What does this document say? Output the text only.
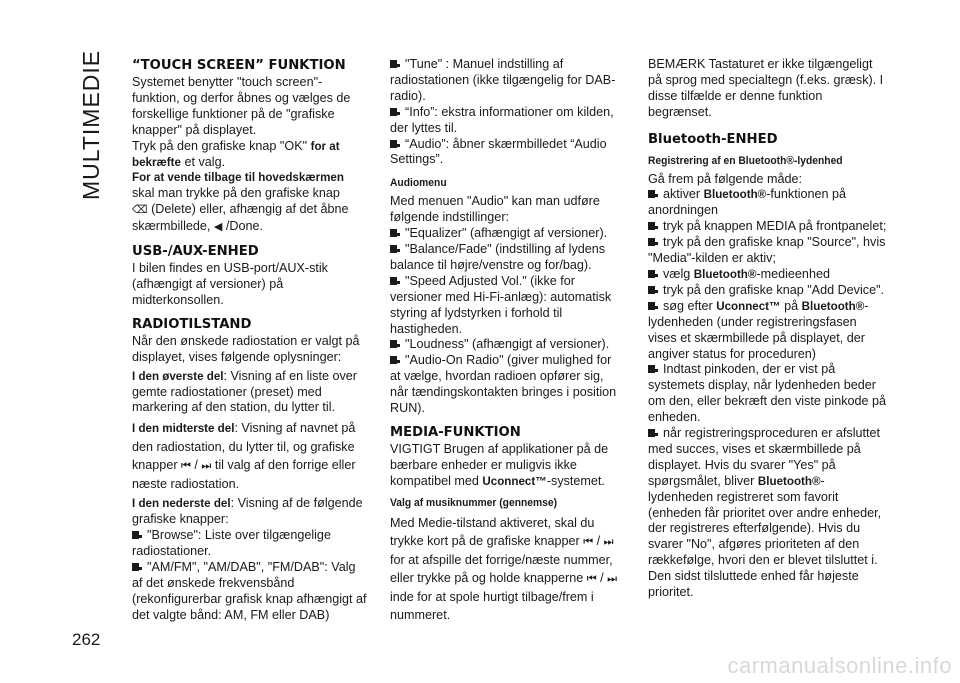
MULTIMEDIE
262
“TOUCH SCREEN” FUNKTION

Systemet benytter "touch screen"-funktion, og derfor åbnes og vælges de forskellige funktioner på de "grafiske knapper" på displayet.

Tryk på den grafiske knap "OK" for at bekræfte et valg.

For at vende tilbage til hovedskærmen

skal man trykke på den grafiske knap
⌫ (Delete) eller, afhængig af det åbne skærmbillede, ◀ /Done.

USB-/AUX-ENHED

I bilen findes en USB-port/AUX-stik (afhængigt af versioner) på midterkonsollen.

RADIOTILSTAND

Når den ønskede radiostation er valgt på displayet, vises følgende oplysninger:

I den øverste del: Visning af en liste over gemte radiostationer (preset) med markering af den station, du lytter til.

I den midterste del: Visning af navnet på den radiostation, du lytter til, og grafiske knapper ⏮ / ⏭ til valg af den forrige eller næste radiostation.

I den nederste del: Visning af de følgende grafiske knapper:

"Browse": Liste over tilgængelige radiostationer.

"AM/FM", "AM/DAB", "FM/DAB": Valg af det ønskede frekvensbånd (rekonfigurerbar grafisk knap afhængigt af det valgte bånd: AM, FM eller DAB)

"Tune" : Manuel indstilling af radiostationen (ikke tilgængelig for DAB-radio).

“Info”: ekstra informationer om kilden, der lyttes til.

“Audio”: åbner skærmbilledet “Audio Settings”.

Audiomenu

Med menuen "Audio" kan man udføre følgende indstillinger:

"Equalizer" (afhængigt af versioner).

"Balance/Fade" (indstilling af lydens balance til højre/venstre og for/bag).

"Speed Adjusted Vol." (ikke for versioner med Hi-Fi-anlæg): automatisk styring af lydstyrken i forhold til hastigheden.

"Loudness" (afhængigt af versioner).

"Audio-On Radio" (giver mulighed for at vælge, hvordan radioen opfører sig, når tændingskontakten bringes i position RUN).

MEDIA-FUNKTION

VIGTIGT Brugen af applikationer på de bærbare enheder er muligvis ikke kompatibel med Uconnect™-systemet.

Valg af musiknummer (gennemse)

Med Medie-tilstand aktiveret, skal du trykke kort på de grafiske knapper ⏮ / ⏭ for at afspille det forrige/næste nummer, eller trykke på og holde knapperne ⏮ / ⏭ inde for at spole hurtigt tilbage/frem i nummeret.

BEMÆRK Tastaturet er ikke tilgængeligt på sprog med specialtegn (f.eks. græsk). I disse tilfælde er denne funktion begrænset.

Bluetooth-ENHED
Registrering af en Bluetooth®-lydenhed

Gå frem på følgende måde:

aktiver Bluetooth®-funktionen på anordningen

tryk på knappen MEDIA på frontpanelet;

tryk på den grafiske knap "Source", hvis "Media"-kilden er aktiv;

vælg Bluetooth®-medieenhed

tryk på den grafiske knap "Add Device".

søg efter Uconnect™ på Bluetooth®-lydenheden (under registreringsfasen vises et skærmbillede på displayet, der angiver status for proceduren)

Indtast pinkoden, der er vist på systemets display, når lydenheden beder om den, eller bekræft den viste pinkode på enheden.

når registreringsproceduren er afsluttet med succes, vises et skærmbillede på displayet. Hvis du svarer "Yes" på spørgsmålet, bliver Bluetooth®-lydenheden registreret som favorit (enheden får prioritet over andre enheder, der registreres efterfølgende). Hvis du svarer "No", afgøres prioriteten af den rækkefølge, hvori den er blevet tilsluttet i. Den sidst tilsluttede enhed får højeste prioritet.

carmanualsonline.info
